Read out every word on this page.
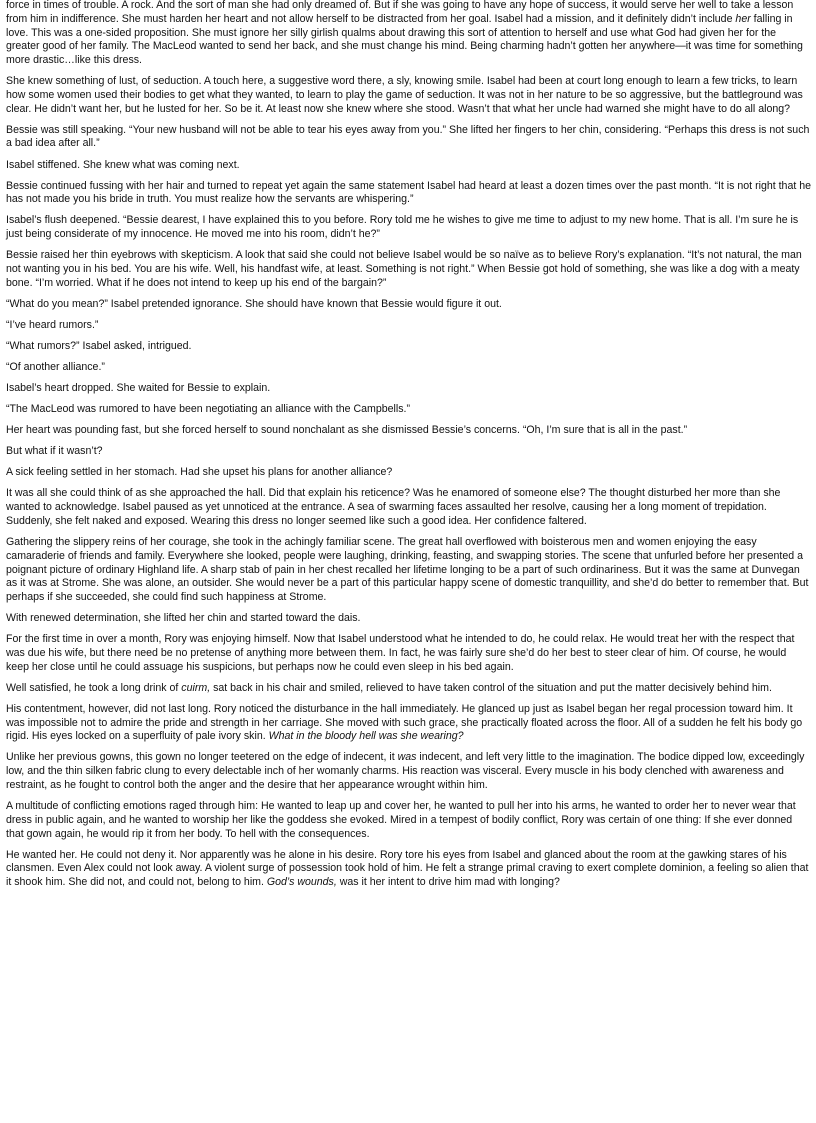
force in times of trouble. A rock. And the sort of man she had only dreamed of. But if she was going to have any hope of success, it would serve her well to take a lesson from him in indifference. She must harden her heart and not allow herself to be distracted from her goal. Isabel had a mission, and it definitely didn’t include her falling in love. This was a one-sided proposition. She must ignore her silly girlish qualms about drawing this sort of attention to herself and use what God had given her for the greater good of her family. The MacLeod wanted to send her back, and she must change his mind. Being charming hadn’t gotten her anywhere—it was time for something more drastic…like this dress.

She knew something of lust, of seduction. A touch here, a suggestive word there, a sly, knowing smile. Isabel had been at court long enough to learn a few tricks, to learn how some women used their bodies to get what they wanted, to learn to play the game of seduction. It was not in her nature to be so aggressive, but the battleground was clear. He didn’t want her, but he lusted for her. So be it. At least now she knew where she stood. Wasn’t that what her uncle had warned she might have to do all along?

Bessie was still speaking. “Your new husband will not be able to tear his eyes away from you.” She lifted her fingers to her chin, considering. “Perhaps this dress is not such a bad idea after all.”

Isabel stiffened. She knew what was coming next.

Bessie continued fussing with her hair and turned to repeat yet again the same statement Isabel had heard at least a dozen times over the past month. “It is not right that he has not made you his bride in truth. You must realize how the servants are whispering.”

Isabel’s flush deepened. “Bessie dearest, I have explained this to you before. Rory told me he wishes to give me time to adjust to my new home. That is all. I’m sure he is just being considerate of my innocence. He moved me into his room, didn’t he?”

Bessie raised her thin eyebrows with skepticism. A look that said she could not believe Isabel would be so naïve as to believe Rory’s explanation. “It’s not natural, the man not wanting you in his bed. You are his wife. Well, his handfast wife, at least. Something is not right.” When Bessie got hold of something, she was like a dog with a meaty bone. “I’m worried. What if he does not intend to keep up his end of the bargain?”

“What do you mean?” Isabel pretended ignorance. She should have known that Bessie would figure it out.

“I’ve heard rumors.”

“What rumors?” Isabel asked, intrigued.

“Of another alliance.”

Isabel’s heart dropped. She waited for Bessie to explain.

“The MacLeod was rumored to have been negotiating an alliance with the Campbells.”

Her heart was pounding fast, but she forced herself to sound nonchalant as she dismissed Bessie’s concerns. “Oh, I’m sure that is all in the past.”

But what if it wasn’t?

A sick feeling settled in her stomach. Had she upset his plans for another alliance?

It was all she could think of as she approached the hall. Did that explain his reticence? Was he enamored of someone else? The thought disturbed her more than she wanted to acknowledge. Isabel paused as yet unnoticed at the entrance. A sea of swarming faces assaulted her resolve, causing her a long moment of trepidation. Suddenly, she felt naked and exposed. Wearing this dress no longer seemed like such a good idea. Her confidence faltered.

Gathering the slippery reins of her courage, she took in the achingly familiar scene. The great hall overflowed with boisterous men and women enjoying the easy camaraderie of friends and family. Everywhere she looked, people were laughing, drinking, feasting, and swapping stories. The scene that unfurled before her presented a poignant picture of ordinary Highland life. A sharp stab of pain in her chest recalled her lifetime longing to be a part of such ordinariness. But it was the same at Dunvegan as it was at Strome. She was alone, an outsider. She would never be a part of this particular happy scene of domestic tranquillity, and she’d do better to remember that. But perhaps if she succeeded, she could find such happiness at Strome.

With renewed determination, she lifted her chin and started toward the dais.

For the first time in over a month, Rory was enjoying himself. Now that Isabel understood what he intended to do, he could relax. He would treat her with the respect that was due his wife, but there need be no pretense of anything more between them. In fact, he was fairly sure she’d do her best to steer clear of him. Of course, he would keep her close until he could assuage his suspicions, but perhaps now he could even sleep in his bed again.

Well satisfied, he took a long drink of cuirm, sat back in his chair and smiled, relieved to have taken control of the situation and put the matter decisively behind him.

His contentment, however, did not last long. Rory noticed the disturbance in the hall immediately. He glanced up just as Isabel began her regal procession toward him. It was impossible not to admire the pride and strength in her carriage. She moved with such grace, she practically floated across the floor. All of a sudden he felt his body go rigid. His eyes locked on a superfluity of pale ivory skin. What in the bloody hell was she wearing?

Unlike her previous gowns, this gown no longer teetered on the edge of indecent, it was indecent, and left very little to the imagination. The bodice dipped low, exceedingly low, and the thin silken fabric clung to every delectable inch of her womanly charms. His reaction was visceral. Every muscle in his body clenched with awareness and restraint, as he fought to control both the anger and the desire that her appearance wrought within him.

A multitude of conflicting emotions raged through him: He wanted to leap up and cover her, he wanted to pull her into his arms, he wanted to order her to never wear that dress in public again, and he wanted to worship her like the goddess she evoked. Mired in a tempest of bodily conflict, Rory was certain of one thing: If she ever donned that gown again, he would rip it from her body. To hell with the consequences.

He wanted her. He could not deny it. Nor apparently was he alone in his desire. Rory tore his eyes from Isabel and glanced about the room at the gawking stares of his clansmen. Even Alex could not look away. A violent surge of possession took hold of him. He felt a strange primal craving to exert complete dominion, a feeling so alien that it shook him. She did not, and could not, belong to him. God’s wounds, was it her intent to drive him mad with longing?
